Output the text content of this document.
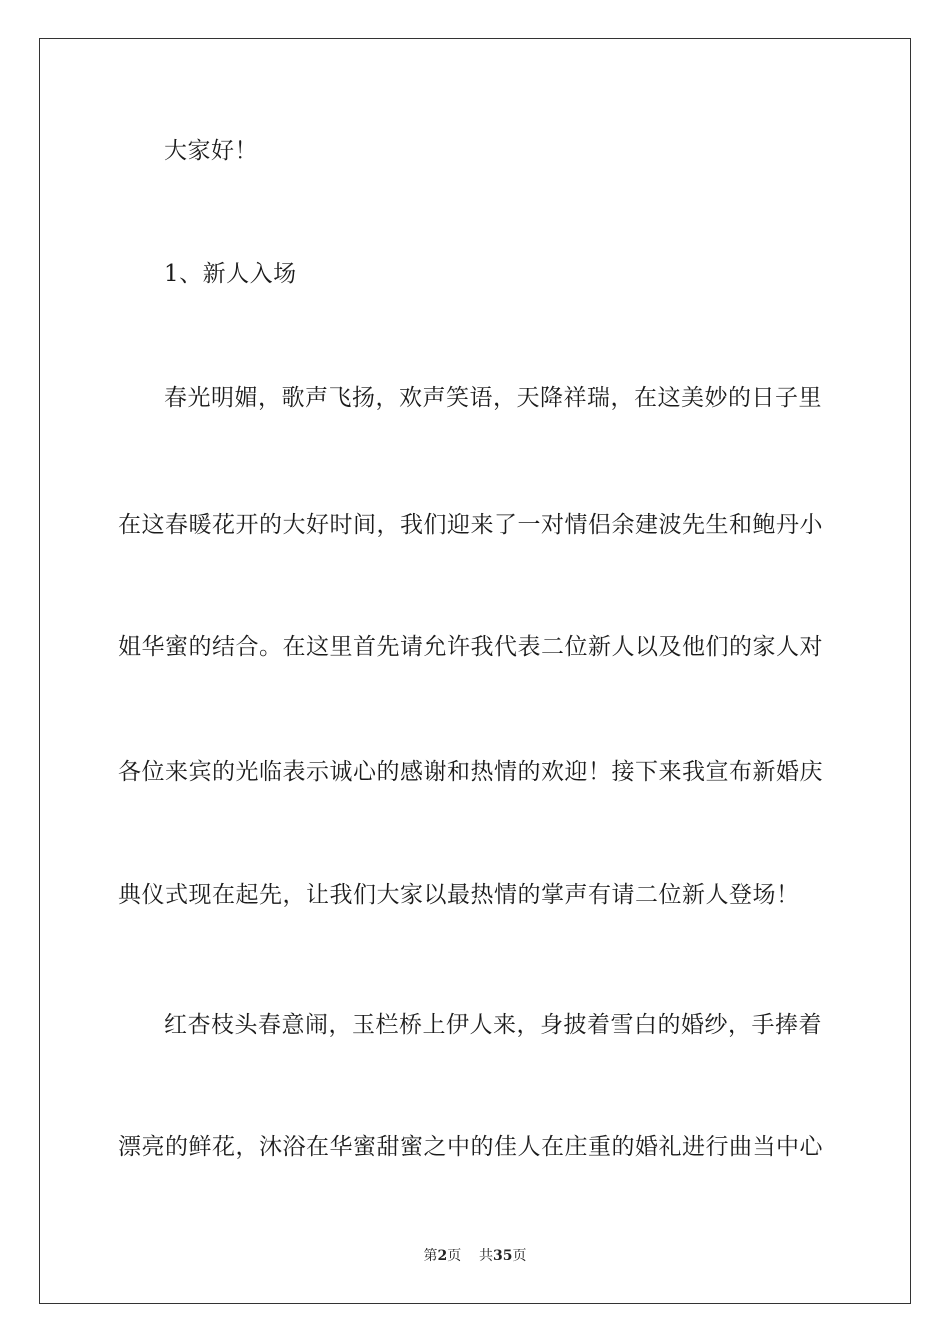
大家好！
1、新人入场
春光明媚，歌声飞扬，欢声笑语，天降祥瑞，在这美妙的日子里
在这春暖花开的大好时间，我们迎来了一对情侣余建波先生和鲍丹小
姐华蜜的结合。在这里首先请允许我代表二位新人以及他们的家人对
各位来宾的光临表示诚心的感谢和热情的欢迎！接下来我宣布新婚庆
典仪式现在起先，让我们大家以最热情的掌声有请二位新人登场！
红杏枝头春意闹，玉栏桥上伊人来，身披着雪白的婚纱，手捧着
漂亮的鲜花，沐浴在华蜜甜蜜之中的佳人在庄重的婚礼进行曲当中心
第2页 共35页
